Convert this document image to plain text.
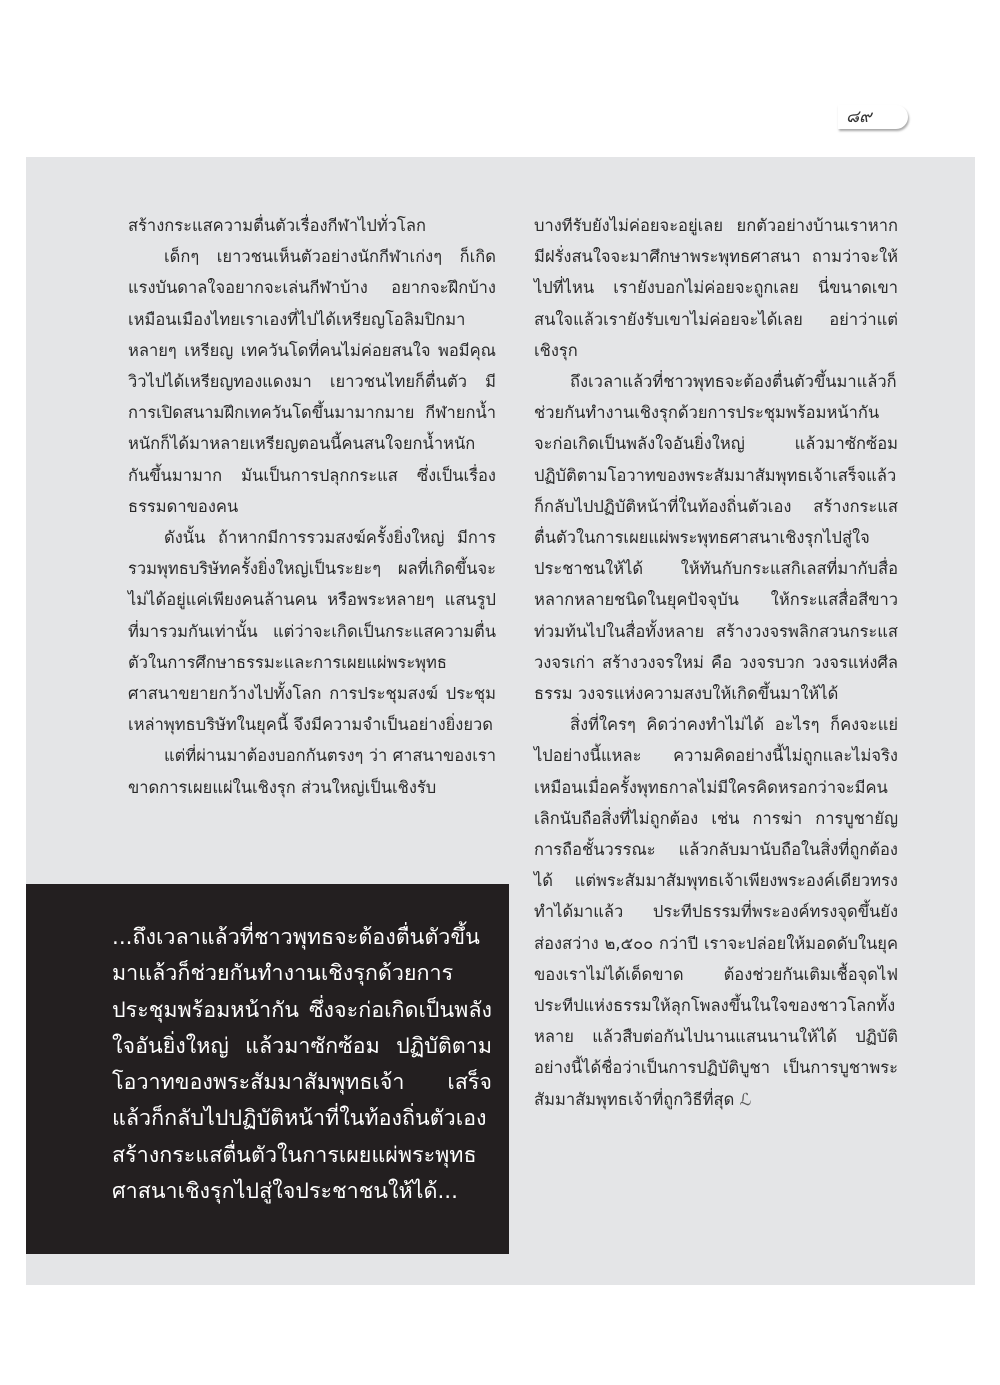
๘๙

สร้างกระแสความตื่นตัวเรื่องกีฬาไปทั่วโลก

เด็กๆ เยาวชนเห็นตัวอย่างนักกีฬาเก่งๆ ก็เกิดแรงบันดาลใจอยากจะเล่นกีฬาบ้าง อยากจะฝึกบ้าง เหมือนเมืองไทยเราเองที่ไปได้เหรียญโอลิมปิกมาหลายๆ เหรียญ เทควันโดที่คนไม่ค่อยสนใจ พอมีคุณวิวไปได้เหรียญทองแดงมา เยาวชนไทยก็ตื่นตัว มีการเปิดสนามฝึกเทควันโดขึ้นมามากมาย กีฬายกน้ำหนักก็ได้มาหลายเหรียญตอนนี้คนสนใจยกน้ำหนักกันขึ้นมามาก มันเป็นการปลุกกระแส ซึ่งเป็นเรื่องธรรมดาของคน

ดังนั้น ถ้าหากมีการรวมสงฆ์ครั้งยิ่งใหญ่ มีการรวมพุทธบริษัทครั้งยิ่งใหญ่เป็นระยะๆ ผลที่เกิดขึ้นจะไม่ได้อยู่แค่เพียงคนล้านคน หรือพระหลายๆ แสนรูป ที่มารวมกันเท่านั้น แต่ว่าจะเกิดเป็นกระแสความตื่นตัวในการศึกษาธรรมะและการเผยแผ่พระพุทธศาสนาขยายกว้างไปทั้งโลก การประชุมสงฆ์ ประชุมเหล่าพุทธบริษัทในยุคนี้ จึงมีความจำเป็นอย่างยิ่งยวด

แต่ที่ผ่านมาต้องบอกกันตรงๆ ว่า ศาสนาของเราขาดการเผยแผ่ในเชิงรุก ส่วนใหญ่เป็นเชิงรับ

บางทีรับยังไม่ค่อยจะอยู่เลย ยกตัวอย่างบ้านเราหากมีฝรั่งสนใจจะมาศึกษาพระพุทธศาสนา ถามว่าจะให้ไปที่ไหน เรายังบอกไม่ค่อยจะถูกเลย นี่ขนาดเขาสนใจแล้วเรายังรับเขาไม่ค่อยจะได้เลย อย่าว่าแต่เชิงรุก

ถึงเวลาแล้วที่ชาวพุทธจะต้องตื่นตัวขึ้นมาแล้วก็ช่วยกันทำงานเชิงรุกด้วยการประชุมพร้อมหน้ากัน จะก่อเกิดเป็นพลังใจอันยิ่งใหญ่ แล้วมาซักซ้อม ปฏิบัติตามโอวาทของพระสัมมาสัมพุทธเจ้าเสร็จแล้วก็กลับไปปฏิบัติหน้าที่ในท้องถิ่นตัวเอง สร้างกระแสตื่นตัวในการเผยแผ่พระพุทธศาสนาเชิงรุกไปสู่ใจประชาชนให้ได้ ให้ทันกับกระแสกิเลสที่มากับสื่อหลากหลายชนิดในยุคปัจจุบัน ให้กระแสสื่อสีขาวท่วมท้นไปในสื่อทั้งหลาย สร้างวงจรพลิกสวนกระแสวงจรเก่า สร้างวงจรใหม่ คือ วงจรบวก วงจรแห่งศีลธรรม วงจรแห่งความสงบให้เกิดขึ้นมาให้ได้

สิ่งที่ใครๆ คิดว่าคงทำไม่ได้ อะไรๆ ก็คงจะแย่ไปอย่างนี้แหละ ความคิดอย่างนี้ไม่ถูกและไม่จริง เหมือนเมื่อครั้งพุทธกาลไม่มีใครคิดหรอกว่าจะมีคนเลิกนับถือสิ่งที่ไม่ถูกต้อง เช่น การฆ่า การบูชายัญ การถือชั้นวรรณะ แล้วกลับมานับถือในสิ่งที่ถูกต้องได้ แต่พระสัมมาสัมพุทธเจ้าเพียงพระองค์เดียวทรงทำได้มาแล้ว ประทีปธรรมที่พระองค์ทรงจุดขึ้นยังส่องสว่าง ๒,๕๐๐ กว่าปี เราจะปล่อยให้มอดดับในยุคของเราไม่ได้เด็ดขาด ต้องช่วยกันเติมเชื้อจุดไฟประทีปแห่งธรรมให้ลุกโพลงขึ้นในใจของชาวโลกทั้งหลาย แล้วสืบต่อกันไปนานแสนนานให้ได้ ปฏิบัติอย่างนี้ได้ชื่อว่าเป็นการปฏิบัติบูชา เป็นการบูชาพระสัมมาสัมพุทธเจ้าที่ถูกวิธีที่สุด ℒ

...ถึงเวลาแล้วที่ชาวพุทธจะต้องตื่นตัวขึ้นมาแล้วก็ช่วยกันทำงานเชิงรุกด้วยการประชุมพร้อมหน้ากัน ซึ่งจะก่อเกิดเป็นพลังใจอันยิ่งใหญ่ แล้วมาซักซ้อม ปฏิบัติตามโอวาทของพระสัมมาสัมพุทธเจ้า เสร็จแล้วก็กลับไปปฏิบัติหน้าที่ในท้องถิ่นตัวเอง สร้างกระแสตื่นตัวในการเผยแผ่พระพุทธศาสนาเชิงรุกไปสู่ใจประชาชนให้ได้...
